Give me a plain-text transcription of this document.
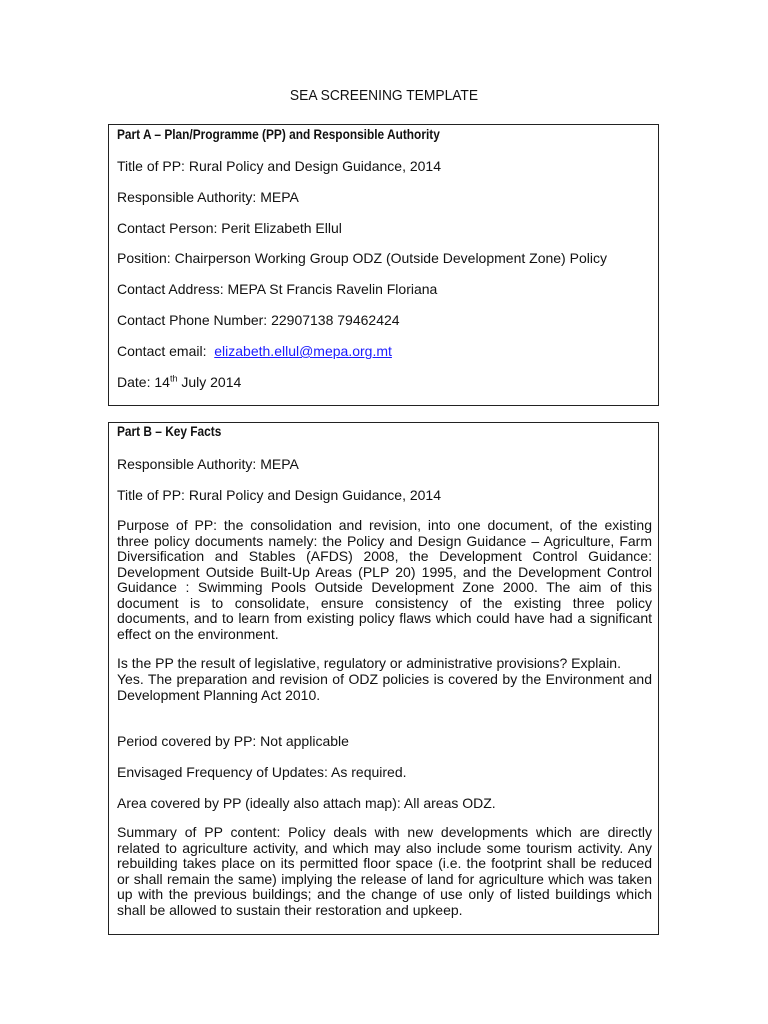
SEA SCREENING TEMPLATE
Part A – Plan/Programme (PP) and Responsible Authority
Title of PP: Rural Policy and Design Guidance, 2014
Responsible Authority: MEPA
Contact Person: Perit Elizabeth Ellul
Position: Chairperson Working Group ODZ (Outside Development Zone) Policy
Contact Address: MEPA St Francis Ravelin Floriana
Contact Phone Number: 22907138 79462424
Contact email:  elizabeth.ellul@mepa.org.mt
Date: 14th July 2014
Part B – Key Facts
Responsible Authority: MEPA
Title of PP: Rural Policy and Design Guidance, 2014
Purpose of PP: the consolidation and revision, into one document, of the existing three policy documents namely: the Policy and Design Guidance – Agriculture, Farm Diversification and Stables (AFDS) 2008, the Development Control Guidance: Development Outside Built-Up Areas (PLP 20) 1995, and the Development Control Guidance : Swimming Pools Outside Development Zone 2000. The aim of this document is to consolidate, ensure consistency of the existing three policy documents, and to learn from existing policy flaws which could have had a significant effect on the environment.
Is the PP the result of legislative, regulatory or administrative provisions? Explain.
Yes. The preparation and revision of ODZ policies is covered by the Environment and Development Planning Act 2010.
Period covered by PP: Not applicable
Envisaged Frequency of Updates: As required.
Area covered by PP (ideally also attach map): All areas ODZ.
Summary of PP content: Policy deals with new developments which are directly related to agriculture activity, and which may also include some tourism activity. Any rebuilding takes place on its permitted floor space (i.e. the footprint shall be reduced or shall remain the same) implying the release of land for agriculture which was taken up with the previous buildings; and the change of use only of listed buildings which shall be allowed to sustain their restoration and upkeep.
